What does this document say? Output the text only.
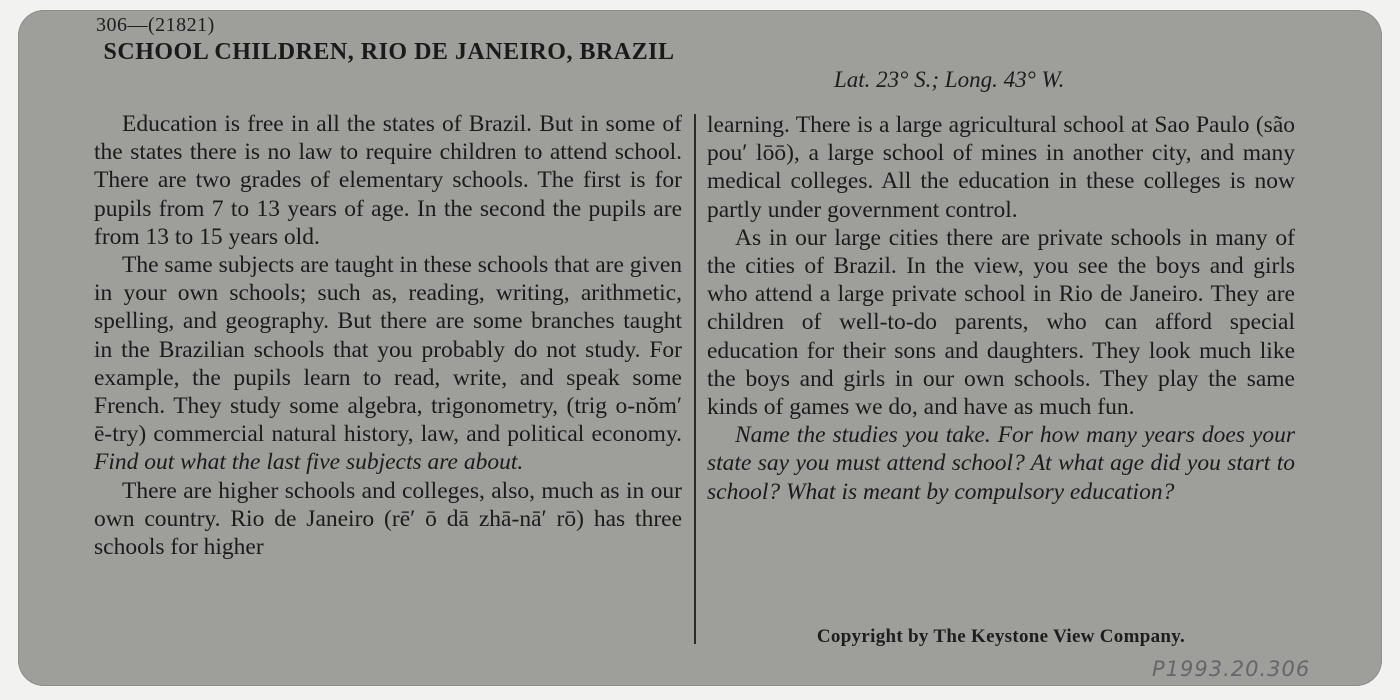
306—(21821)
SCHOOL CHILDREN, RIO DE JANEIRO, BRAZIL
Lat. 23° S.; Long. 43° W.

Education is free in all the states of Brazil. But in some of the states there is no law to require children to attend school. There are two grades of elementary schools. The first is for pupils from 7 to 13 years of age. In the second the pupils are from 13 to 15 years old.

The same subjects are taught in these schools that are given in your own schools; such as, reading, writing, arithmetic, spelling, and geography. But there are some branches taught in the Brazilian schools that you probably do not study. For example, the pupils learn to read, write, and speak some French. They study some algebra, trigonometry, (trig o-nŏm′ ē-try) commercial natural history, law, and political economy. Find out what the last five subjects are about.

There are higher schools and colleges, also, much as in our own country. Rio de Janeiro (rē′ ō dā zhā-nā′ rō) has three schools for higher

learning. There is a large agricultural school at Sao Paulo (são pou′ lōō), a large school of mines in another city, and many medical colleges. All the education in these colleges is now partly under government control.

As in our large cities there are private schools in many of the cities of Brazil. In the view, you see the boys and girls who attend a large private school in Rio de Janeiro. They are children of well-to-do parents, who can afford special education for their sons and daughters. They look much like the boys and girls in our own schools. They play the same kinds of games we do, and have as much fun.

Name the studies you take. For how many years does your state say you must attend school? At what age did you start to school? What is meant by compulsory education?

Copyright by The Keystone View Company.
P1993.20.306
